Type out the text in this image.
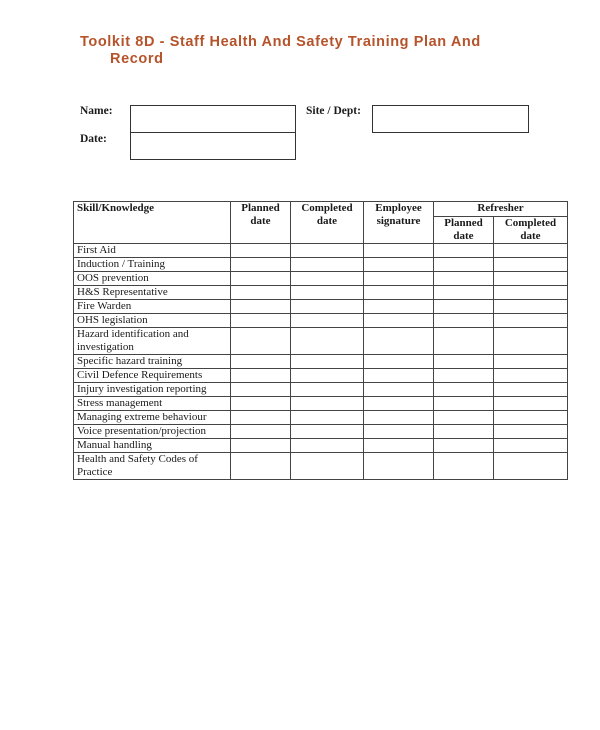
Toolkit 8D - Staff Health And Safety Training Plan And
Record
Name:	Site / Dept:
Date:
Skill/Knowledge	Planned date	Completed date	Employee signature	Refresher	
				Planned date	Completed date
First Aid					
Induction / Training					
OOS prevention					
H&S Representative					
Fire Warden					
OHS legislation					
Hazard identification and investigation					
Specific hazard training					
Civil Defence Requirements					
Injury investigation reporting					
Stress management					
Managing extreme behaviour					
Voice presentation/projection					
Manual handling					
Health and Safety Codes of Practice					
